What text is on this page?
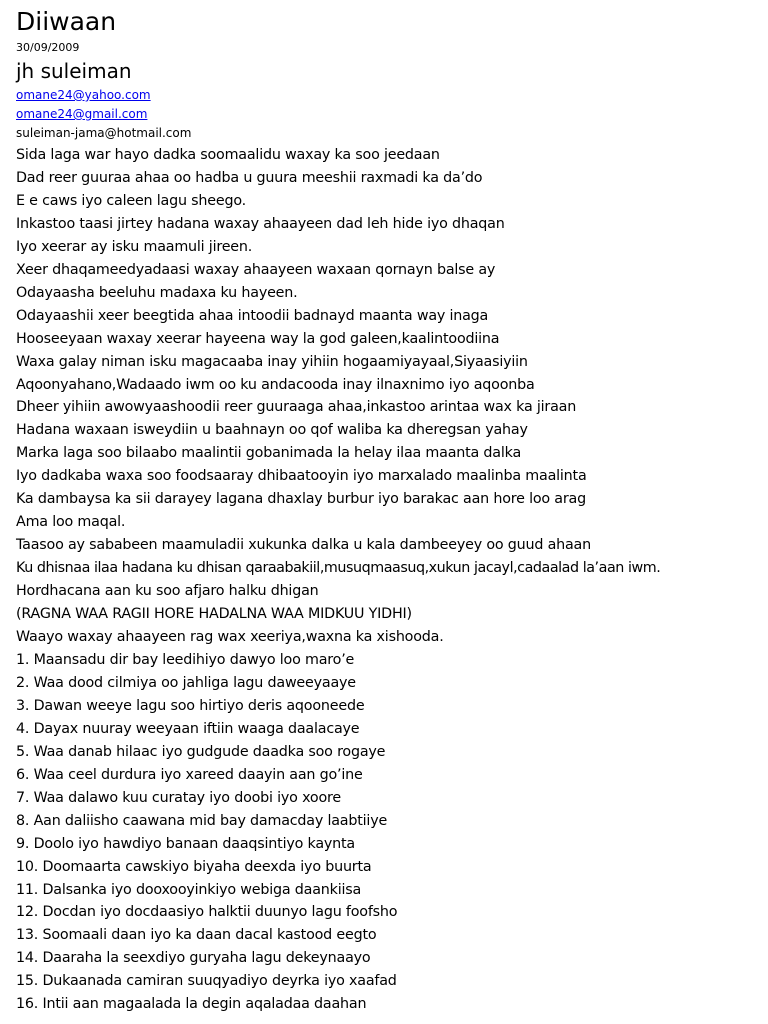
Diiwaan
30/09/2009
jh suleiman
omane24@yahoo.com
omane24@gmail.com
suleiman-jama@hotmail.com
Sida laga war hayo dadka soomaalidu waxay ka soo jeedaan
Dad reer guuraa ahaa oo hadba u guura meeshii raxmadi ka da’do
E e caws iyo caleen lagu sheego.
Inkastoo taasi jirtey hadana waxay ahaayeen dad leh hide iyo dhaqan
Iyo xeerar ay isku maamuli jireen.
Xeer dhaqameedyadaasi waxay ahaayeen waxaan qornayn balse ay
Odayaasha beeluhu madaxa ku hayeen.
Odayaashii xeer beegtida ahaa intoodii badnayd maanta way inaga
Hooseeyaan waxay xeerar hayeena way la god galeen,kaalintoodiina
Waxa galay niman isku magacaaba inay yihiin hogaamiyayaal,Siyaasiyiin
Aqoonyahano,Wadaado iwm oo ku andacooda inay ilnaxnimo iyo aqoonba
Dheer yihiin awowyaashoodii reer guuraaga ahaa,inkastoo arintaa wax ka jiraan
Hadana waxaan isweydiin u baahnayn oo qof waliba ka dheregsan yahay
Marka laga soo bilaabo maalintii gobanimada la helay ilaa maanta dalka
Iyo dadkaba waxa soo foodsaaray dhibaatooyin iyo marxalado maalinba maalinta
Ka dambaysa ka sii darayey lagana dhaxlay burbur iyo barakac aan hore loo arag
Ama loo maqal.
Taasoo ay sababeen maamuladii xukunka dalka u kala dambeeyey oo guud ahaan
Ku dhisnaa ilaa hadana ku dhisan qaraabakiil,musuqmaasuq,xukun jacayl,cadaalad la’aan iwm.
Hordhacana aan ku soo afjaro halku dhigan
(RAGNA WAA RAGII HORE HADALNA WAA MIDKUU YIDHI)
Waayo waxay ahaayeen rag wax xeeriya,waxna ka xishooda.
1. Maansadu dir bay leedihiyo dawyo loo maro’e
2. Waa dood cilmiya oo jahliga lagu daweeyaaye
3. Dawan weeye lagu soo hirtiyo deris aqooneede
4. Dayax nuuray weeyaan iftiin waaga daalacaye
5. Waa danab hilaac iyo gudgude daadka soo rogaye
6. Waa ceel durdura iyo xareed daayin aan go’ine
7. Waa dalawo kuu curatay iyo doobi iyo xoore
8. Aan daliisho caawana mid bay damacday laabtiiye
9. Doolo iyo hawdiyo banaan daaqsintiyo kaynta
10. Doomaarta cawskiyo biyaha deexda iyo buurta
11. Dalsanka iyo dooxooyinkiyo webiga daankiisa
12. Docdan iyo docdaasiyo halktii duunyo lagu foofsho
13. Soomaali daan iyo ka daan dacal kastood eegto
14. Daaraha la seexdiyo guryaha lagu dekeynaayo
15. Dukaanada camiran suuqyadiyo deyrka iyo xaafad
16. Intii aan magaalada la degin aqaladaa daahan
